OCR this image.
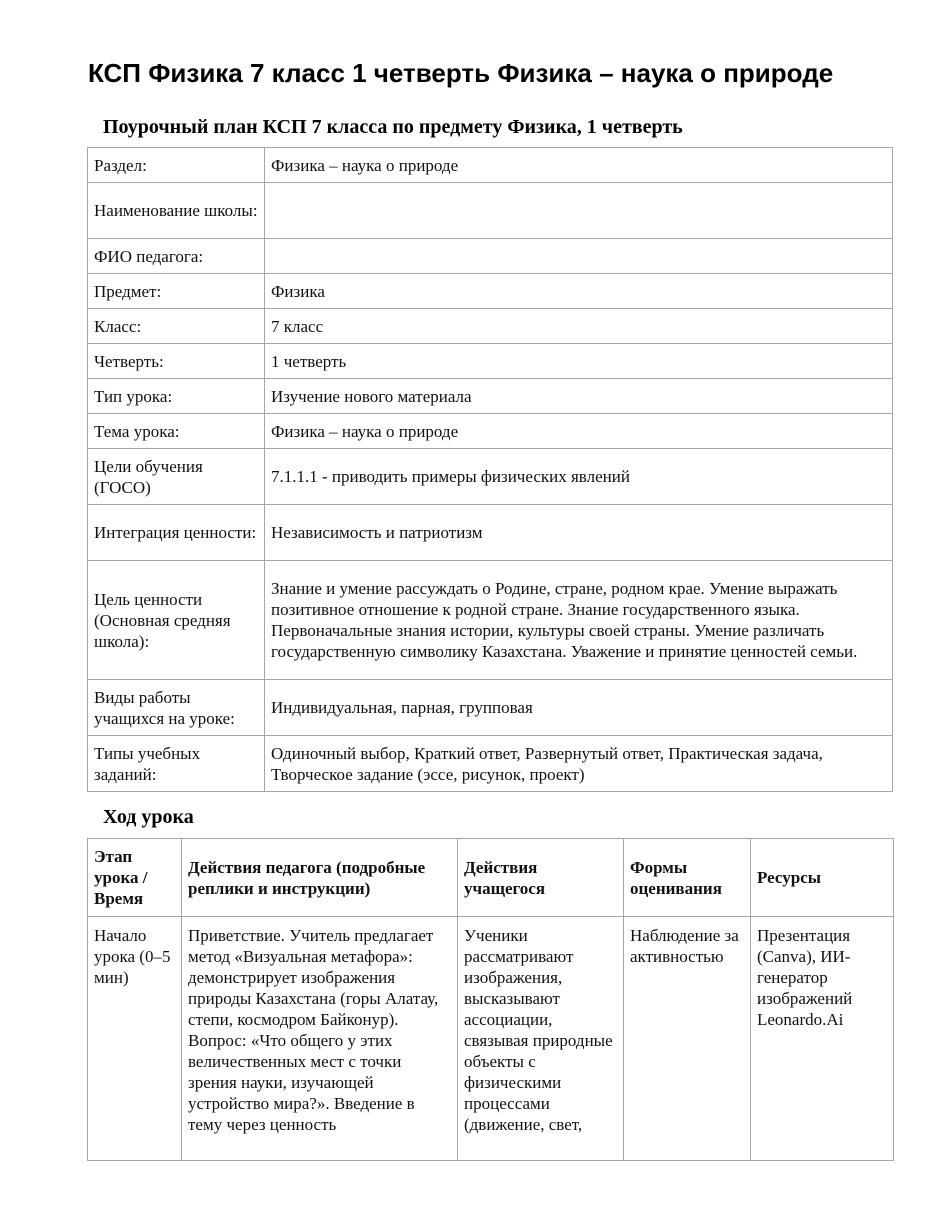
КСП Физика 7 класс 1 четверть Физика – наука о природе
Поурочный план КСП 7 класса по предмету Физика, 1 четверть
Раздел:	Физика – наука о природе
Наименование школы:	
ФИО педагога:	
Предмет:	Физика
Класс:	7 класс
Четверть:	1 четверть
Тип урока:	Изучение нового материала
Тема урока:	Физика – наука о природе
Цели обучения (ГОСО)	7.1.1.1 - приводить примеры физических явлений
Интеграция ценности:	Независимость и патриотизм
Цель ценности (Основная средняя школа):	Знание и умение рассуждать о Родине, стране, родном крае. Умение выражать позитивное отношение к родной стране. Знание государственного языка. Первоначальные знания истории, культуры своей страны. Умение различать государственную символику Казахстана. Уважение и принятие ценностей семьи.
Виды работы учащихся на уроке:	Индивидуальная, парная, групповая
Типы учебных заданий:	Одиночный выбор, Краткий ответ, Развернутый ответ, Практическая задача, Творческое задание (эссе, рисунок, проект)
Ход урока
Этап урока / Время	Действия педагога (подробные реплики и инструкции)	Действия учащегося	Формы оценивания	Ресурсы
Начало урока (0–5 мин)	Приветствие. Учитель предлагает метод «Визуальная метафора»: демонстрирует изображения природы Казахстана (горы Алатау, степи, космодром Байконур). Вопрос: «Что общего у этих величественных мест с точки зрения науки, изучающей устройство мира?». Введение в тему через ценность	Ученики рассматривают изображения, высказывают ассоциации, связывая природные объекты с физическими процессами (движение, свет,	Наблюдение за активностью	Презентация (Canva), ИИ-генератор изображений Leonardo.Ai
